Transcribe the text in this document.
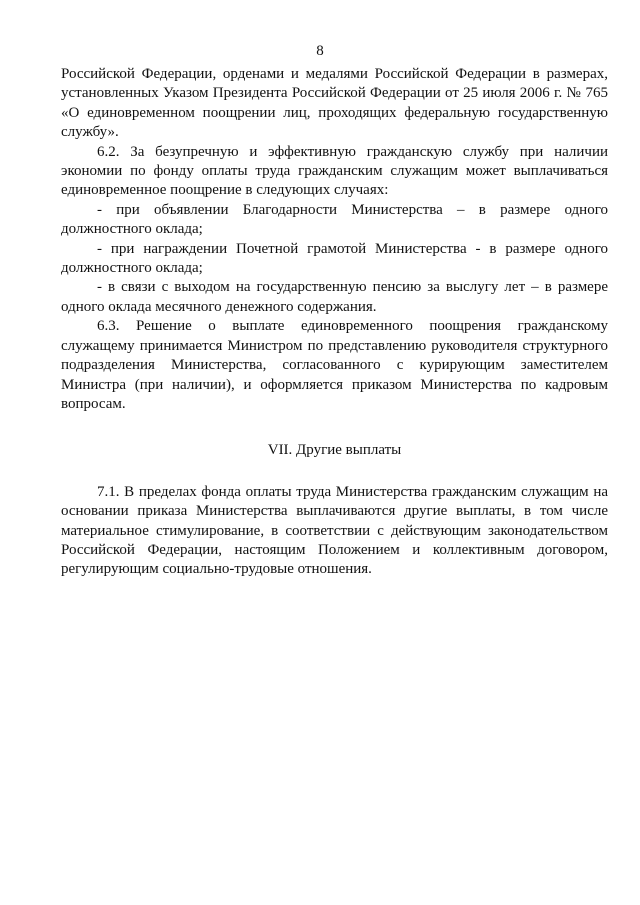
8

Российской Федерации, орденами и медалями Российской Федерации в размерах, установленных Указом Президента Российской Федерации от 25 июля 2006 г. № 765 «О единовременном поощрении лиц, проходящих федеральную государственную службу».

6.2. За безупречную и эффективную гражданскую службу при наличии экономии по фонду оплаты труда гражданским служащим может выплачиваться единовременное поощрение в следующих случаях:

- при объявлении Благодарности Министерства – в размере одного должностного оклада;

- при награждении Почетной грамотой Министерства - в размере одного должностного оклада;

- в связи с выходом на государственную пенсию за выслугу лет – в размере одного оклада месячного денежного содержания.

6.3. Решение о выплате единовременного поощрения гражданскому служащему принимается Министром по представлению руководителя структурного подразделения Министерства, согласованного с курирующим заместителем Министра (при наличии), и оформляется приказом Министерства по кадровым вопросам.

VII. Другие выплаты

7.1. В пределах фонда оплаты труда Министерства гражданским служащим на основании приказа Министерства выплачиваются другие выплаты, в том числе материальное стимулирование, в соответствии с действующим законодательством Российской Федерации, настоящим Положением и коллективным договором, регулирующим социально-трудовые отношения.
